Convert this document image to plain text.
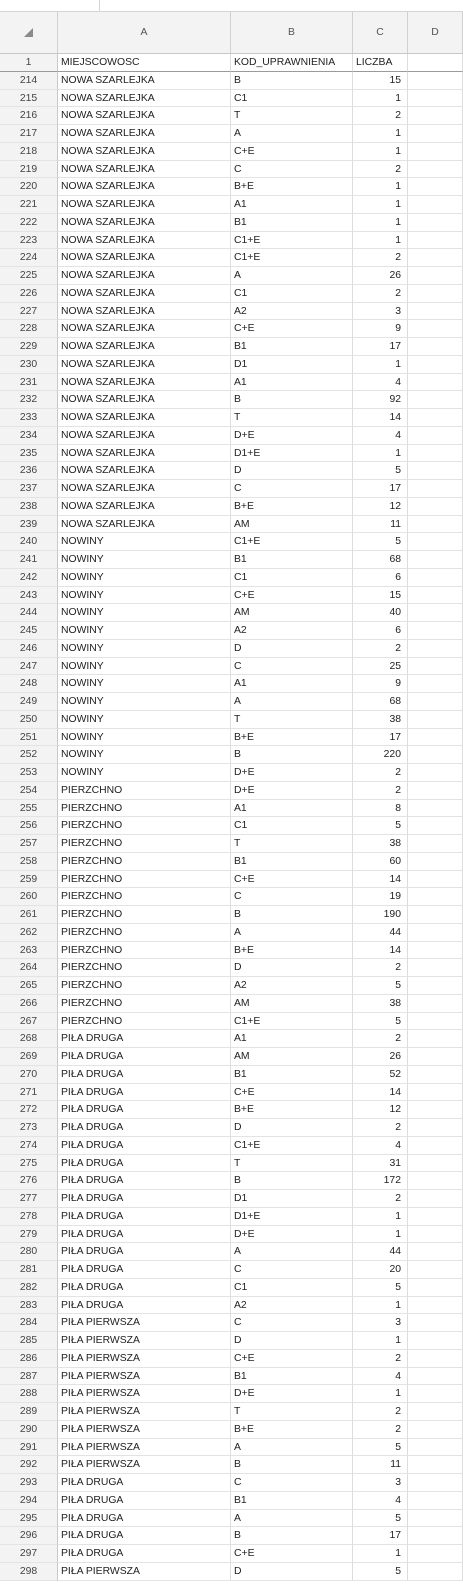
A	B	C	D
1	MIEJSCOWOSC	KOD_UPRAWNIENIA	LICZBA
214	NOWA SZARLEJKA	B	15
215	NOWA SZARLEJKA	C1	1
216	NOWA SZARLEJKA	T	2
217	NOWA SZARLEJKA	A	1
218	NOWA SZARLEJKA	C+E	1
219	NOWA SZARLEJKA	C	2
220	NOWA SZARLEJKA	B+E	1
221	NOWA SZARLEJKA	A1	1
222	NOWA SZARLEJKA	B1	1
223	NOWA SZARLEJKA	C1+E	1
224	NOWA SZARLEJKA	C1+E	2
225	NOWA SZARLEJKA	A	26
226	NOWA SZARLEJKA	C1	2
227	NOWA SZARLEJKA	A2	3
228	NOWA SZARLEJKA	C+E	9
229	NOWA SZARLEJKA	B1	17
230	NOWA SZARLEJKA	D1	1
231	NOWA SZARLEJKA	A1	4
232	NOWA SZARLEJKA	B	92
233	NOWA SZARLEJKA	T	14
234	NOWA SZARLEJKA	D+E	4
235	NOWA SZARLEJKA	D1+E	1
236	NOWA SZARLEJKA	D	5
237	NOWA SZARLEJKA	C	17
238	NOWA SZARLEJKA	B+E	12
239	NOWA SZARLEJKA	AM	11
240	NOWINY	C1+E	5
241	NOWINY	B1	68
242	NOWINY	C1	6
243	NOWINY	C+E	15
244	NOWINY	AM	40
245	NOWINY	A2	6
246	NOWINY	D	2
247	NOWINY	C	25
248	NOWINY	A1	9
249	NOWINY	A	68
250	NOWINY	T	38
251	NOWINY	B+E	17
252	NOWINY	B	220
253	NOWINY	D+E	2
254	PIERZCHNO	D+E	2
255	PIERZCHNO	A1	8
256	PIERZCHNO	C1	5
257	PIERZCHNO	T	38
258	PIERZCHNO	B1	60
259	PIERZCHNO	C+E	14
260	PIERZCHNO	C	19
261	PIERZCHNO	B	190
262	PIERZCHNO	A	44
263	PIERZCHNO	B+E	14
264	PIERZCHNO	D	2
265	PIERZCHNO	A2	5
266	PIERZCHNO	AM	38
267	PIERZCHNO	C1+E	5
268	PIŁA DRUGA	A1	2
269	PIŁA DRUGA	AM	26
270	PIŁA DRUGA	B1	52
271	PIŁA DRUGA	C+E	14
272	PIŁA DRUGA	B+E	12
273	PIŁA DRUGA	D	2
274	PIŁA DRUGA	C1+E	4
275	PIŁA DRUGA	T	31
276	PIŁA DRUGA	B	172
277	PIŁA DRUGA	D1	2
278	PIŁA DRUGA	D1+E	1
279	PIŁA DRUGA	D+E	1
280	PIŁA DRUGA	A	44
281	PIŁA DRUGA	C	20
282	PIŁA DRUGA	C1	5
283	PIŁA DRUGA	A2	1
284	PIŁA PIERWSZA	C	3
285	PIŁA PIERWSZA	D	1
286	PIŁA PIERWSZA	C+E	2
287	PIŁA PIERWSZA	B1	4
288	PIŁA PIERWSZA	D+E	1
289	PIŁA PIERWSZA	T	2
290	PIŁA PIERWSZA	B+E	2
291	PIŁA PIERWSZA	A	5
292	PIŁA PIERWSZA	B	11
293	PIŁA DRUGA	C	3
294	PIŁA DRUGA	B1	4
295	PIŁA DRUGA	A	5
296	PIŁA DRUGA	B	17
297	PIŁA DRUGA	C+E	1
298	PIŁA PIERWSZA	D	5
